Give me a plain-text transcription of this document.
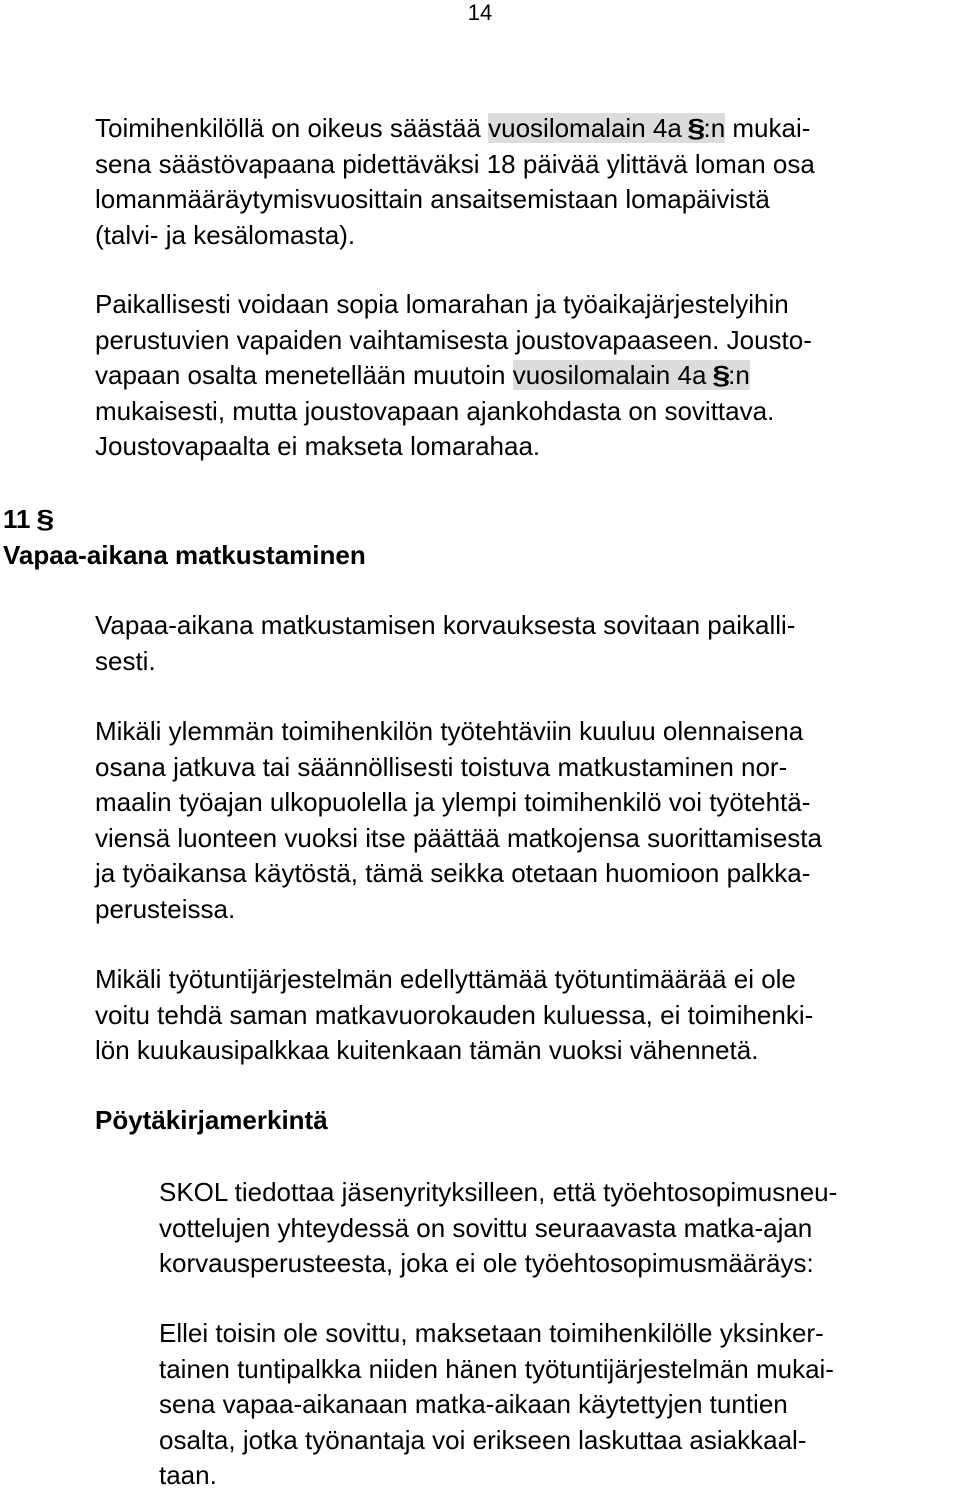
14
Toimihenkilöllä on oikeus säästää vuosilomalain 4a §:n mukai-
sena säästövapaana pidettäväksi 18 päivää ylittävä loman osa
lomanmääräytymisvuosittain ansaitsemistaan lomapäivistä
(talvi- ja kesälomasta).
Paikallisesti voidaan sopia lomarahan ja työaikajärjestelyihin
perustuvien vapaiden vaihtamisesta joustovapaaseen. Jousto-
vapaan osalta menetellään muutoin vuosilomalain 4a §:n
mukaisesti, mutta joustovapaan ajankohdasta on sovittava.
Joustovapaalta ei makseta lomarahaa.
11 §
Vapaa-aikana matkustaminen
Vapaa-aikana matkustamisen korvauksesta sovitaan paikalli-
sesti.
Mikäli ylemmän toimihenkilön työtehtäviin kuuluu olennaisena
osana jatkuva tai säännöllisesti toistuva matkustaminen nor-
maalin työajan ulkopuolella ja ylempi toimihenkilö voi työtehtä-
viensä luonteen vuoksi itse päättää matkojensa suorittamisesta
ja työaikansa käytöstä, tämä seikka otetaan huomioon palkka-
perusteissa.
Mikäli työtuntijärjestelmän edellyttämää työtuntimäärää ei ole
voitu tehdä saman matkavuorokauden kuluessa, ei toimihenki-
lön kuukausipalkkaa kuitenkaan tämän vuoksi vähennetä.
Pöytäkirjamerkintä
SKOL tiedottaa jäsenyrityksilleen, että työehtosopimusneu-
vottelujen yhteydessä on sovittu seuraavasta matka-ajan
korvausperusteesta, joka ei ole työehtosopimusmääräys:
Ellei toisin ole sovittu, maksetaan toimihenkilölle yksinker-
tainen tuntipalkka niiden hänen työtuntijärjestelmän mukai-
sena vapaa-aikanaan matka-aikaan käytettyjen tuntien
osalta, jotka työnantaja voi erikseen laskuttaa asiakkaal-
taan.
